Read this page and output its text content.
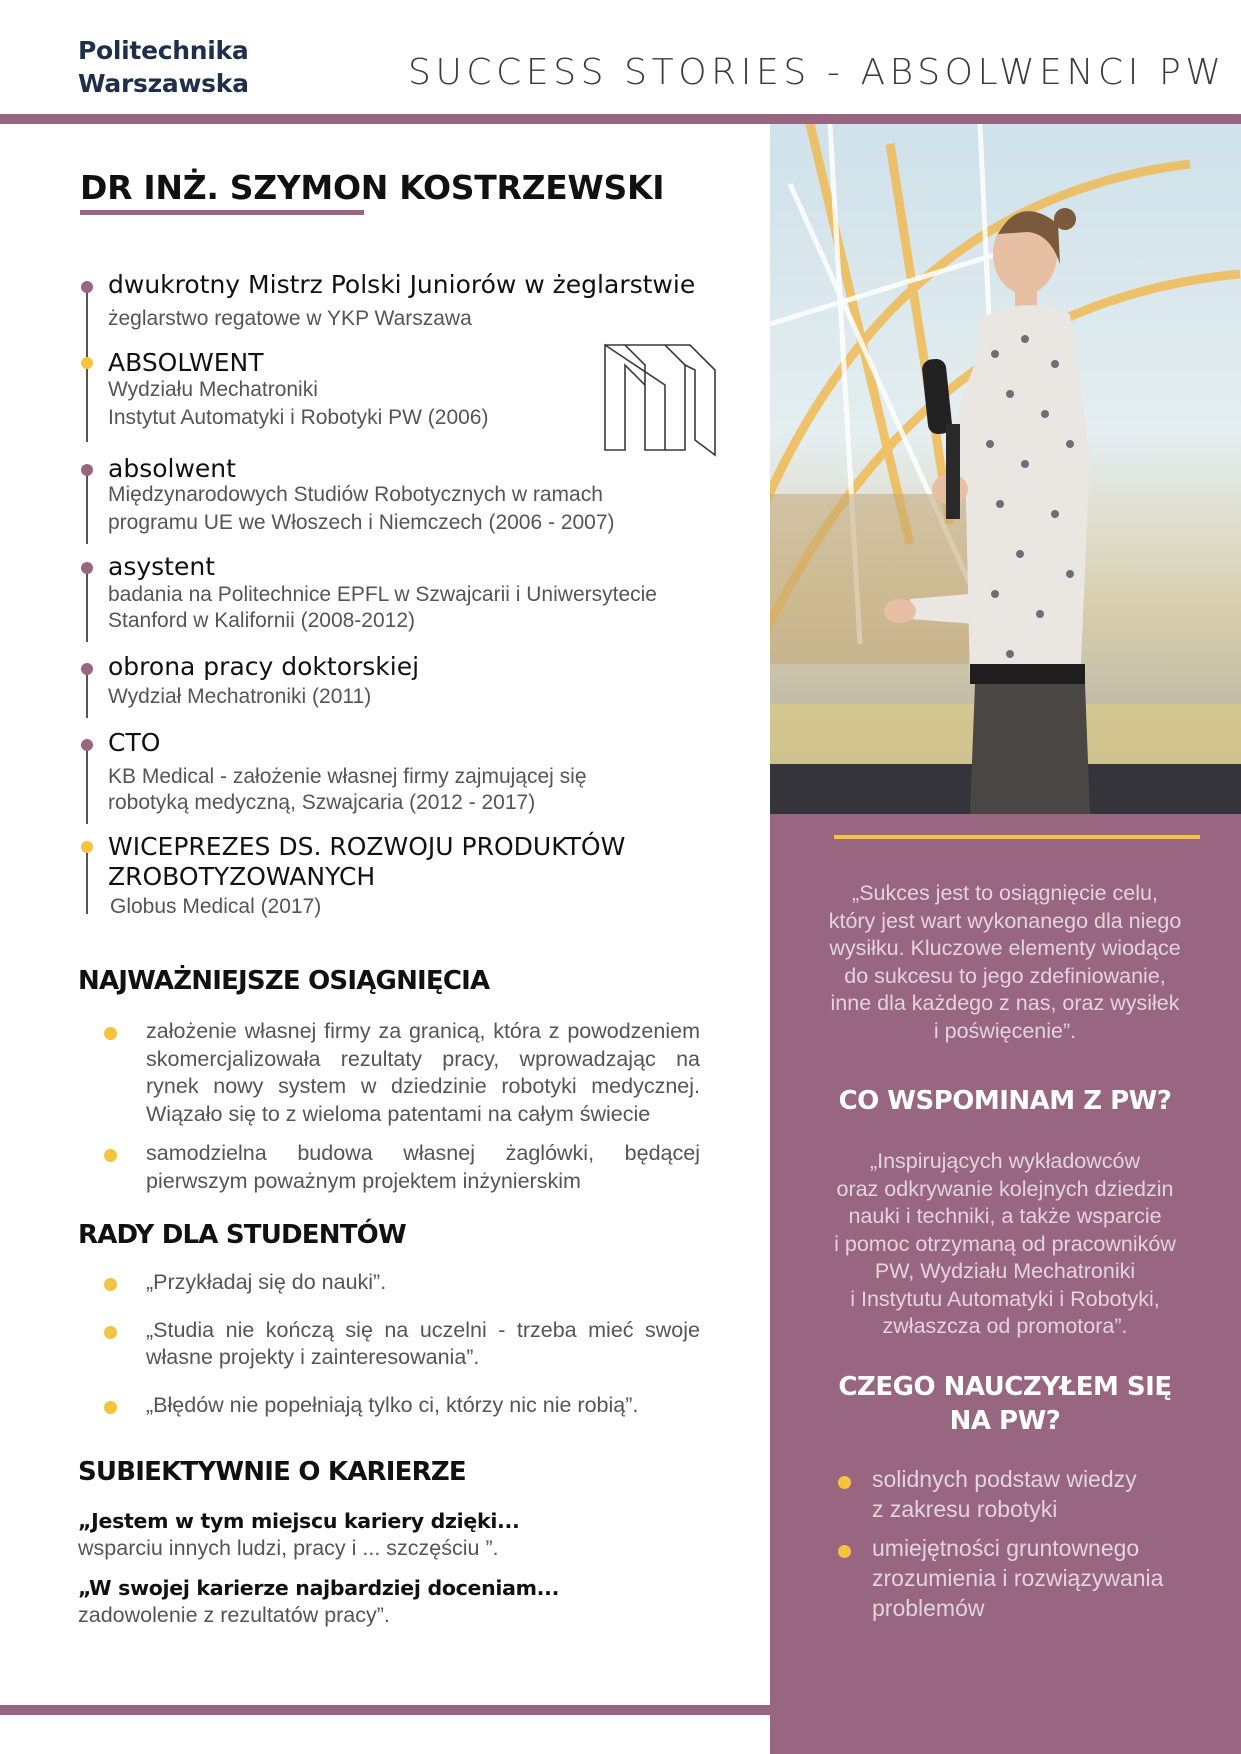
Politechnika
Warszawska	SUCCESS STORIES - ABSOLWENCI PW
„Sukces jest to osiągnięcie celu,
który jest wart wykonanego dla niego
wysiłku. Kluczowe elementy wiodące
do sukcesu to jego zdefiniowanie,
inne dla każdego z nas, oraz wysiłek
i poświęcenie”.
CO WSPOMINAM Z PW?
„Inspirujących wykładowców
oraz odkrywanie kolejnych dziedzin
nauki i techniki, a także wsparcie
i pomoc otrzymaną od pracowników
PW, Wydziału Mechatroniki
i Instytutu Automatyki i Robotyki,
zwłaszcza od promotora”.
CZEGO NAUCZYŁEM SIĘ
NA PW?
solidnych podstaw wiedzy
z zakresu robotyki
umiejętności gruntownego
zrozumienia i rozwiązywania
problemów
DR INŻ. SZYMON KOSTRZEWSKI
dwukrotny Mistrz Polski Juniorów w żeglarstwie
żeglarstwo regatowe w YKP Warszawa
ABSOLWENT
Wydziału Mechatroniki
Instytut Automatyki i Robotyki PW (2006)
absolwent
Międzynarodowych Studiów Robotycznych w ramach
programu UE we Włoszech i Niemczech (2006 - 2007)
asystent
badania na Politechnice EPFL w Szwajcarii i Uniwersytecie
Stanford w Kalifornii (2008-2012)
obrona pracy doktorskiej
Wydział Mechatroniki (2011)
CTO
KB Medical - założenie własnej firmy zajmującej się
robotyką medyczną, Szwajcaria (2012 - 2017)
WICEPREZES DS. ROZWOJU PRODUKTÓW ZROBOTYZOWANYCH
Globus Medical (2017)
NAJWAŻNIEJSZE OSIĄGNIĘCIA
założenie własnej firmy za granicą, która z powodzeniem skomercjalizowała rezultaty pracy, wprowadzając na rynek nowy system w dziedzinie robotyki medycznej. Wiązało się to z wieloma patentami na całym świecie
samodzielna budowa własnej żaglówki, będącej pierwszym poważnym projektem inżynierskim
RADY DLA STUDENTÓW
„Przykładaj się do nauki”.
„Studia nie kończą się na uczelni - trzeba mieć swoje własne projekty i zainteresowania”.
„Błędów nie popełniają tylko ci, którzy nic nie robią”.
SUBIEKTYWNIE O KARIERZE
„Jestem w tym miejscu kariery dzięki...
wsparciu innych ludzi, pracy i ... szczęściu ”.
„W swojej karierze najbardziej doceniam...
zadowolenie z rezultatów pracy”.
